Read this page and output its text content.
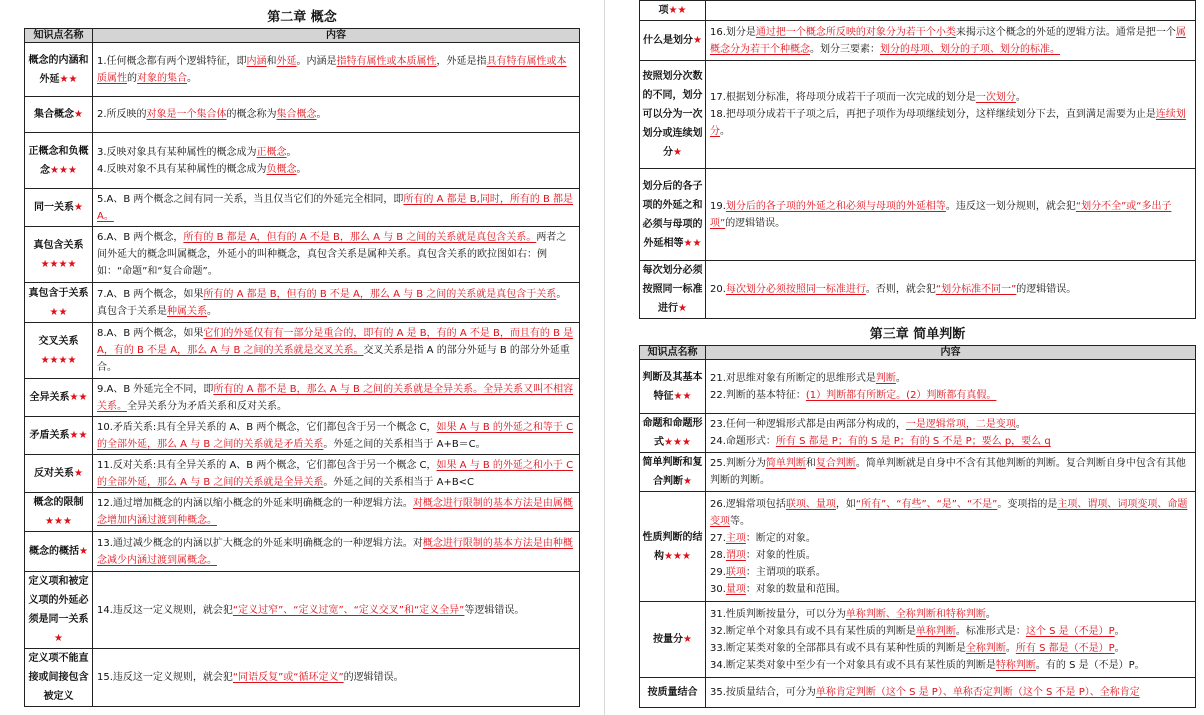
第二章 概念
知识点名称	内容
概念的内涵和外延★★	1.任何概念都有两个逻辑特征，即内涵和外延。内涵是指特有属性或本质属性，外延是指具有特有属性或本质属性的对象的集合。

集合概念★	2.所反映的对象是一个集合体的概念称为集合概念。

正概念和负概念★★★	3.反映对象具有某种属性的概念成为正概念。
4.反映对象不具有某种属性的概念成为负概念。

同一关系★	5.A、B 两个概念之间有同一关系，当且仅当它们的外延完全相同，即所有的 A 都是 B,同时，所有的 B 都是 A。

真包含关系★★★★	6.A、B 两个概念，所有的 B 都是 A，但有的 A 不是 B，那么 A 与 B 之间的关系就是真包含关系。两者之间外延大的概念叫属概念，外延小的叫种概念，真包含关系是属种关系。真包含关系的欧拉图如右：例如：“命题”和“复合命题”。

真包含于关系★★	7.A、B 两个概念，如果所有的 A 都是 B，但有的 B 不是 A，那么 A 与 B 之间的关系就是真包含于关系。真包含于关系是种属关系。

交叉关系★★★★	8.A、B 两个概念，如果它们的外延仅有有一部分是重合的，即有的 A 是 B，有的 A 不是 B，而且有的 B 是 A，有的 B 不是 A，那么 A 与 B 之间的关系就是交叉关系。交叉关系是指 A 的部分外延与 B 的部分外延重合。

全异关系★★	9.A、B 外延完全不同，即所有的 A 都不是 B，那么 A 与 B 之间的关系就是全异关系。全异关系又叫不相容关系。全异关系分为矛盾关系和反对关系。

矛盾关系★★	10.矛盾关系:具有全异关系的 A、B 两个概念，它们都包含于另一个概念 C，如果 A 与 B 的外延之和等于 C 的全部外延，那么 A 与 B 之间的关系就是矛盾关系。外延之间的关系相当于 A+B＝C。

反对关系★	11.反对关系:具有全异关系的 A、B 两个概念，它们都包含于另一个概念 C，如果 A 与 B 的外延之和小于 C 的全部外延，那么 A 与 B 之间的关系就是全异关系。外延之间的关系相当于 A+B<C

概念的限制★★★	12.通过增加概念的内涵以缩小概念的外延来明确概念的一种逻辑方法。对概念进行限制的基本方法是由属概念增加内涵过渡到种概念。

概念的概括★	13.通过减少概念的内涵以扩大概念的外延来明确概念的一种逻辑方法。对概念进行限制的基本方法是由种概念减少内涵过渡到属概念。

定义项和被定义项的外延必须是同一关系★	14.违反这一定义规则，就会犯“定义过窄”、“定义过宽”、“定义交叉”和“定义全异”等逻辑错误。

定义项不能直接或间接包含被定义	15.违反这一定义规则，就会犯“同语反复”或“循环定义”的逻辑错误。
项★★	
什么是划分★	16.划分是通过把一个概念所反映的对象分为若干个小类来揭示这个概念的外延的逻辑方法。通常是把一个属概念分为若干个种概念。划分三要素：划分的母项、划分的子项、划分的标准。

按照划分次数的不同，划分可以分为一次划分或连续划分★	17.根据划分标准，将母项分成若干子项而一次完成的划分是一次划分。
18.把母项分成若干子项之后，再把子项作为母项继续划分，这样继续划分下去，直到满足需要为止是连续划分。

划分后的各子项的外延之和必须与母项的外延相等★★	19.划分后的各子项的外延之和必须与母项的外延相等。违反这一划分规则，就会犯“划分不全”或“多出子项”的逻辑错误。

每次划分必须按照同一标准进行★	20.每次划分必须按照同一标准进行。否则，就会犯“划分标准不同一”的逻辑错误。
第三章 简单判断
知识点名称	内容
判断及其基本特征★★	21.对思维对象有所断定的思维形式是判断。
22.判断的基本特征：(1）判断都有所断定。(2）判断都有真假。

命题和命题形式★★★	23.任何一种逻辑形式都是由两部分构成的，一是逻辑常项，二是变项。
24.命题形式：所有 S 都是 P；有的 S 是 P；有的 S 不是 P；要么 p，要么 q

简单判断和复合判断★	25.判断分为简单判断和复合判断。简单判断就是自身中不含有其他判断的判断。复合判断自身中包含有其他判断的判断。

性质判断的结构★★★	26.逻辑常项包括联项、量项，如“所有”、“有些”、“是”、“不是”。变项指的是主项、谓项、词项变项、命题变项等。
27.主项：断定的对象。
28.谓项：对象的性质。
29.联项：主谓项的联系。
30.量项：对象的数量和范围。

按量分★	31.性质判断按量分，可以分为单称判断、全称判断和特称判断。
32.断定单个对象具有或不具有某性质的判断是单称判断。标准形式是：这个 S 是（不是）P。
33.断定某类对象的全部都具有或不具有某种性质的判断是全称判断。所有 S 都是（不是）P。
34.断定某类对象中至少有一个对象具有或不具有某性质的判断是特称判断。有的 S 是（不是）P。

按质量结合	35.按质量结合，可分为单称肯定判断（这个 S 是 P）、单称否定判断（这个 S 不是 P）、全称肯定
